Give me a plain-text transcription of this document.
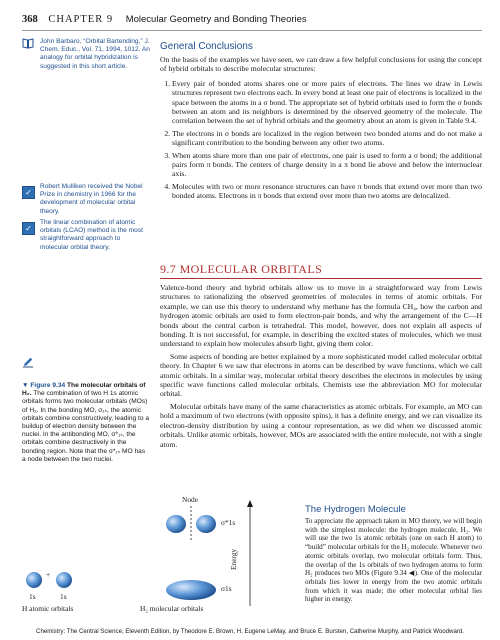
368 CHAPTER 9 Molecular Geometry and Bonding Theories
John Barbaro, “Orbital Bartending,” J. Chem. Educ., Vol. 71, 1994, 1012. An analogy for orbital hybridization is suggested in this short article.
✓
Robert Mulliken received the Nobel Prize in chemistry in 1966 for the development of molecular orbital theory.
✓
The linear combination of atomic orbitals (LCAO) method is the most straightforward approach to molecular orbital theory.
▼ Figure 9.34 The molecular orbitals of H₂. The combination of two H 1s atomic orbitals forms two molecular orbitals (MOs) of H₂. In the bonding MO, σ₁ₛ, the atomic orbitals combine constructively, leading to a buildup of electron density between the nuclei. In the antibonding MO, σ*₁ₛ, the orbitals combine destructively in the bonding region. Note that the σ*₁ₛ MO has a node between the two nuclei.
General Conclusions
On the basis of the examples we have seen, we can draw a few helpful conclusions for using the concept of hybrid orbitals to describe molecular structures:
1. Every pair of bonded atoms shares one or more pairs of electrons. The lines we draw in Lewis structures represent two electrons each. In every bond at least one pair of electrons is localized in the space between the atoms in a σ bond. The appropriate set of hybrid orbitals used to form the σ bonds between an atom and its neighbors is determined by the observed geometry of the molecule. The correlation between the set of hybrid orbitals and the geometry about an atom is given in Table 9.4.
2. The electrons in σ bonds are localized in the region between two bonded atoms and do not make a significant contribution to the bonding between any other two atoms.
3. When atoms share more than one pair of electrons, one pair is used to form a σ bond; the additional pairs form π bonds. The centers of charge density in a π bond lie above and below the internuclear axis.
4. Molecules with two or more resonance structures can have π bonds that extend over more than two bonded atoms. Electrons in π bonds that extend over more than two atoms are delocalized.
9.7 MOLECULAR ORBITALS

Valence-bond theory and hybrid orbitals allow us to move in a straightforward way from Lewis structures to rationalizing the observed geometries of molecules in terms of atomic orbitals. For example, we can use this theory to understand why methane has the formula CH₄, how the carbon and hydrogen atomic orbitals are used to form electron-pair bonds, and why the arrangement of the C—H bonds about the central carbon is tetrahedral. This model, however, does not explain all aspects of bonding. It is not successful, for example, in describing the excited states of molecules, which we must understand to explain how molecules absorb light, giving them color.

Some aspects of bonding are better explained by a more sophisticated model called molecular orbital theory. In Chapter 6 we saw that electrons in atoms can be described by wave functions, which we call atomic orbitals. In a similar way, molecular orbital theory describes the electrons in molecules by using specific wave functions called molecular orbitals. Chemists use the abbreviation MO for molecular orbital.

Molecular orbitals have many of the same characteristics as atomic orbitals. For example, an MO can hold a maximum of two electrons (with opposite spins), it has a definite energy, and we can visualize its electron-density distribution by using a contour representation, as we did when we discussed atomic orbitals. Unlike atomic orbitals, however, MOs are associated with the entire molecule, not with a single atom.

The Hydrogen Molecule
To appreciate the approach taken in MO theory, we will begin with the simplest molecule: the hydrogen molecule, H₂. We will use the two 1s atomic orbitals (one on each H atom) to “build” molecular orbitals for the H₂ molecule. Whenever two atomic orbitals overlap, two molecular orbitals form. Thus, the overlap of the 1s orbitals of two hydrogen atoms to form H₂ produces two MOs (Figure 9.34 ◀). One of the molecular orbitals lies lower in energy from the two atomic orbitals from which it was made; the other molecular orbital lies higher in energy.
Node
σ*1s
σ1s
Energy
+
1s	1s
H atomic orbitals	H₂ molecular orbitals
Chemistry: The Central Science, Eleventh Edition, by Theodore E. Brown, H. Eugene LeMay, and Bruce E. Bursten, Catherine Murphy, and Patrick Woodward.
